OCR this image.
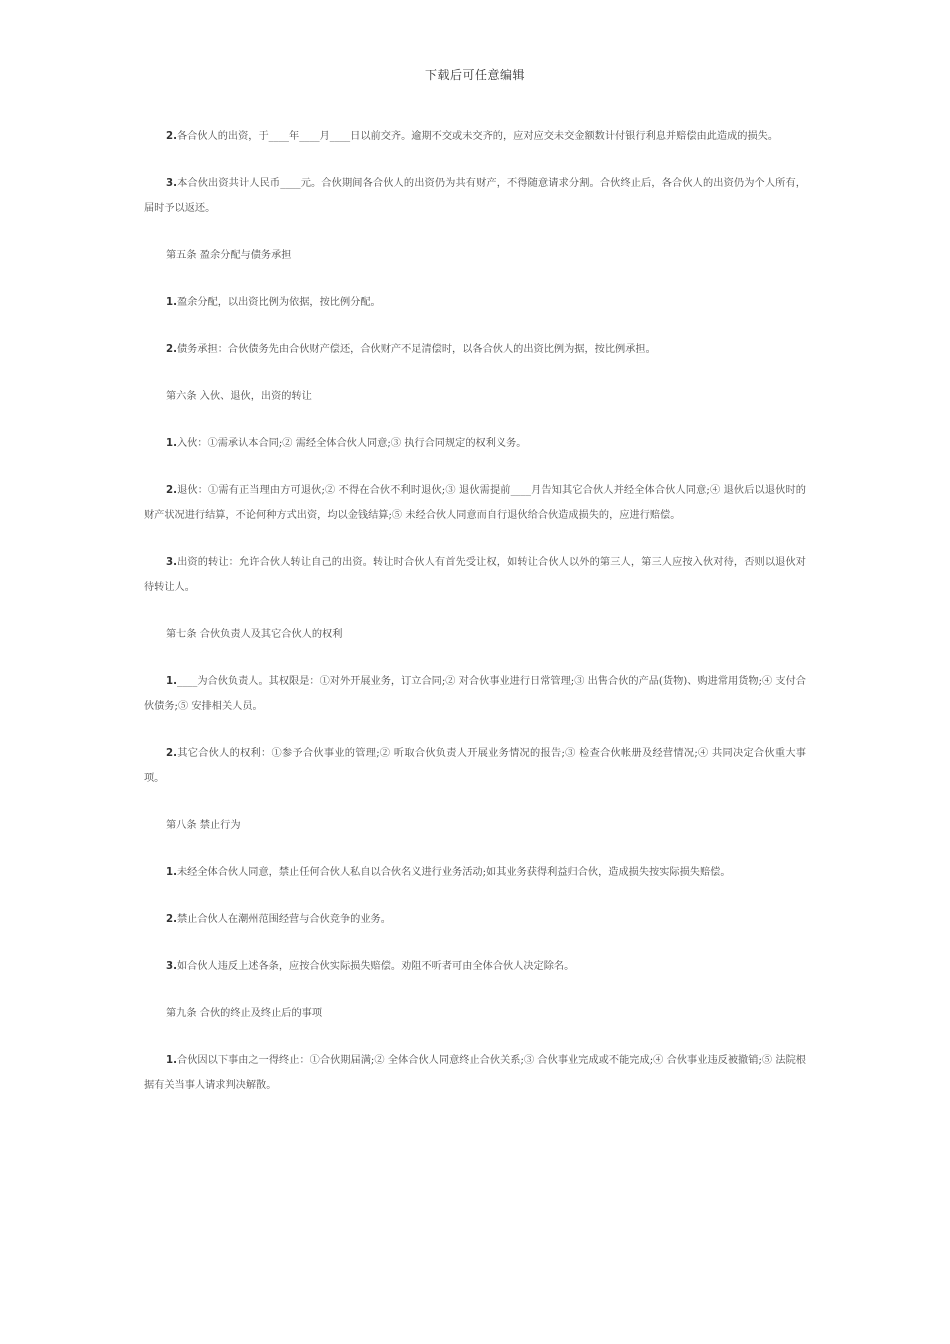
下载后可任意编辑

2.各合伙人的出资，于____年____月____日以前交齐。逾期不交或未交齐的，应对应交未交金额数计付银行利息并赔偿由此造成的损失。

3.本合伙出资共计人民币____元。合伙期间各合伙人的出资仍为共有财产，不得随意请求分割。合伙终止后，各合伙人的出资仍为个人所有，届时予以返还。

第五条 盈余分配与债务承担

1.盈余分配，以出资比例为依据，按比例分配。

2.债务承担：合伙债务先由合伙财产偿还，合伙财产不足清偿时，以各合伙人的出资比例为据，按比例承担。

第六条 入伙、退伙，出资的转让

1.入伙：①需承认本合同;② 需经全体合伙人同意;③ 执行合同规定的权利义务。

2.退伙：①需有正当理由方可退伙;② 不得在合伙不利时退伙;③ 退伙需提前____月告知其它合伙人并经全体合伙人同意;④ 退伙后以退伙时的财产状况进行结算，不论何种方式出资，均以金钱结算;⑤ 未经合伙人同意而自行退伙给合伙造成损失的，应进行赔偿。

3.出资的转让：允许合伙人转让自己的出资。转让时合伙人有首先受让权，如转让合伙人以外的第三人，第三人应按入伙对待，否则以退伙对待转让人。

第七条 合伙负责人及其它合伙人的权利

1.____为合伙负责人。其权限是：①对外开展业务，订立合同;② 对合伙事业进行日常管理;③ 出售合伙的产品(货物)、购进常用货物;④ 支付合伙债务;⑤ 安排相关人员。

2.其它合伙人的权利：①参予合伙事业的管理;② 听取合伙负责人开展业务情况的报告;③ 检查合伙帐册及经营情况;④ 共同决定合伙重大事项。

第八条 禁止行为

1.未经全体合伙人同意，禁止任何合伙人私自以合伙名义进行业务活动;如其业务获得利益归合伙，造成损失按实际损失赔偿。

2.禁止合伙人在潮州范围经营与合伙竞争的业务。

3.如合伙人违反上述各条，应按合伙实际损失赔偿。劝阻不听者可由全体合伙人决定除名。

第九条 合伙的终止及终止后的事项

1.合伙因以下事由之一得终止：①合伙期届满;② 全体合伙人同意终止合伙关系;③ 合伙事业完成或不能完成;④ 合伙事业违反被撤销;⑤ 法院根据有关当事人请求判决解散。
